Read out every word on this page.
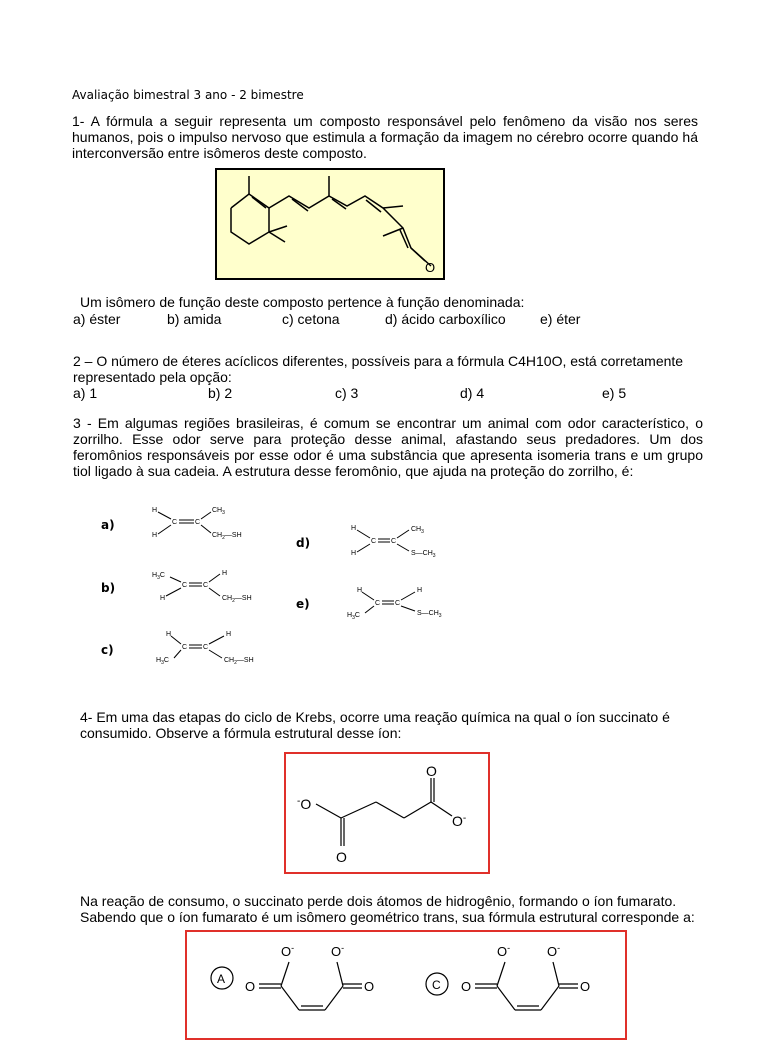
Avaliação bimestral 3 ano - 2 bimestre
1- A fórmula a seguir representa um composto responsável pelo fenômeno da visão nos seres humanos, pois o impulso nervoso que estimula a formação da imagem no cérebro ocorre quando há interconversão entre isômeros deste composto.
O
Um isômero de função deste composto pertence à função denominada:
a) éster	b) amida	c) cetona	d) ácido carboxílico e) éter
2 – O número de éteres acíclicos diferentes, possíveis para a fórmula C4H10O, está corretamente representado pela opção:
a) 1	b) 2	c) 3	d) 4	e) 5
3 - Em algumas regiões brasileiras, é comum se encontrar um animal com odor característico, o zorrilho. Esse odor serve para proteção desse animal, afastando seus predadores. Um dos feromônios responsáveis por esse odor é uma substância que apresenta isomeria trans e um grupo tiol ligado à sua cadeia. A estrutura desse feromônio, que ajuda na proteção do zorrilho, é:
a)
b)
c)
d)
e)
H
H
C	C
$CH_3$
$CH_2—SH$
$H_3C$
H
C C
H
$CH_2—SH$
H
$H_3C$
C C
H
$CH_2—SH$
H
H
C C
$CH_3$
$S—CH_3$
H
$H_3C$
C C
H
$S—CH_3$
4- Em uma das etapas do ciclo de Krebs, ocorre uma reação química na qual o íon succinato é consumido. Observe a fórmula estrutural desse íon:
-O
O
O
O-
Na reação de consumo, o succinato perde dois átomos de hidrogênio, formando o íon fumarato. Sabendo que o íon fumarato é um isômero geométrico trans, sua fórmula estrutural corresponde a:
A O
O-	O-
O	C O
O-	O-
O
